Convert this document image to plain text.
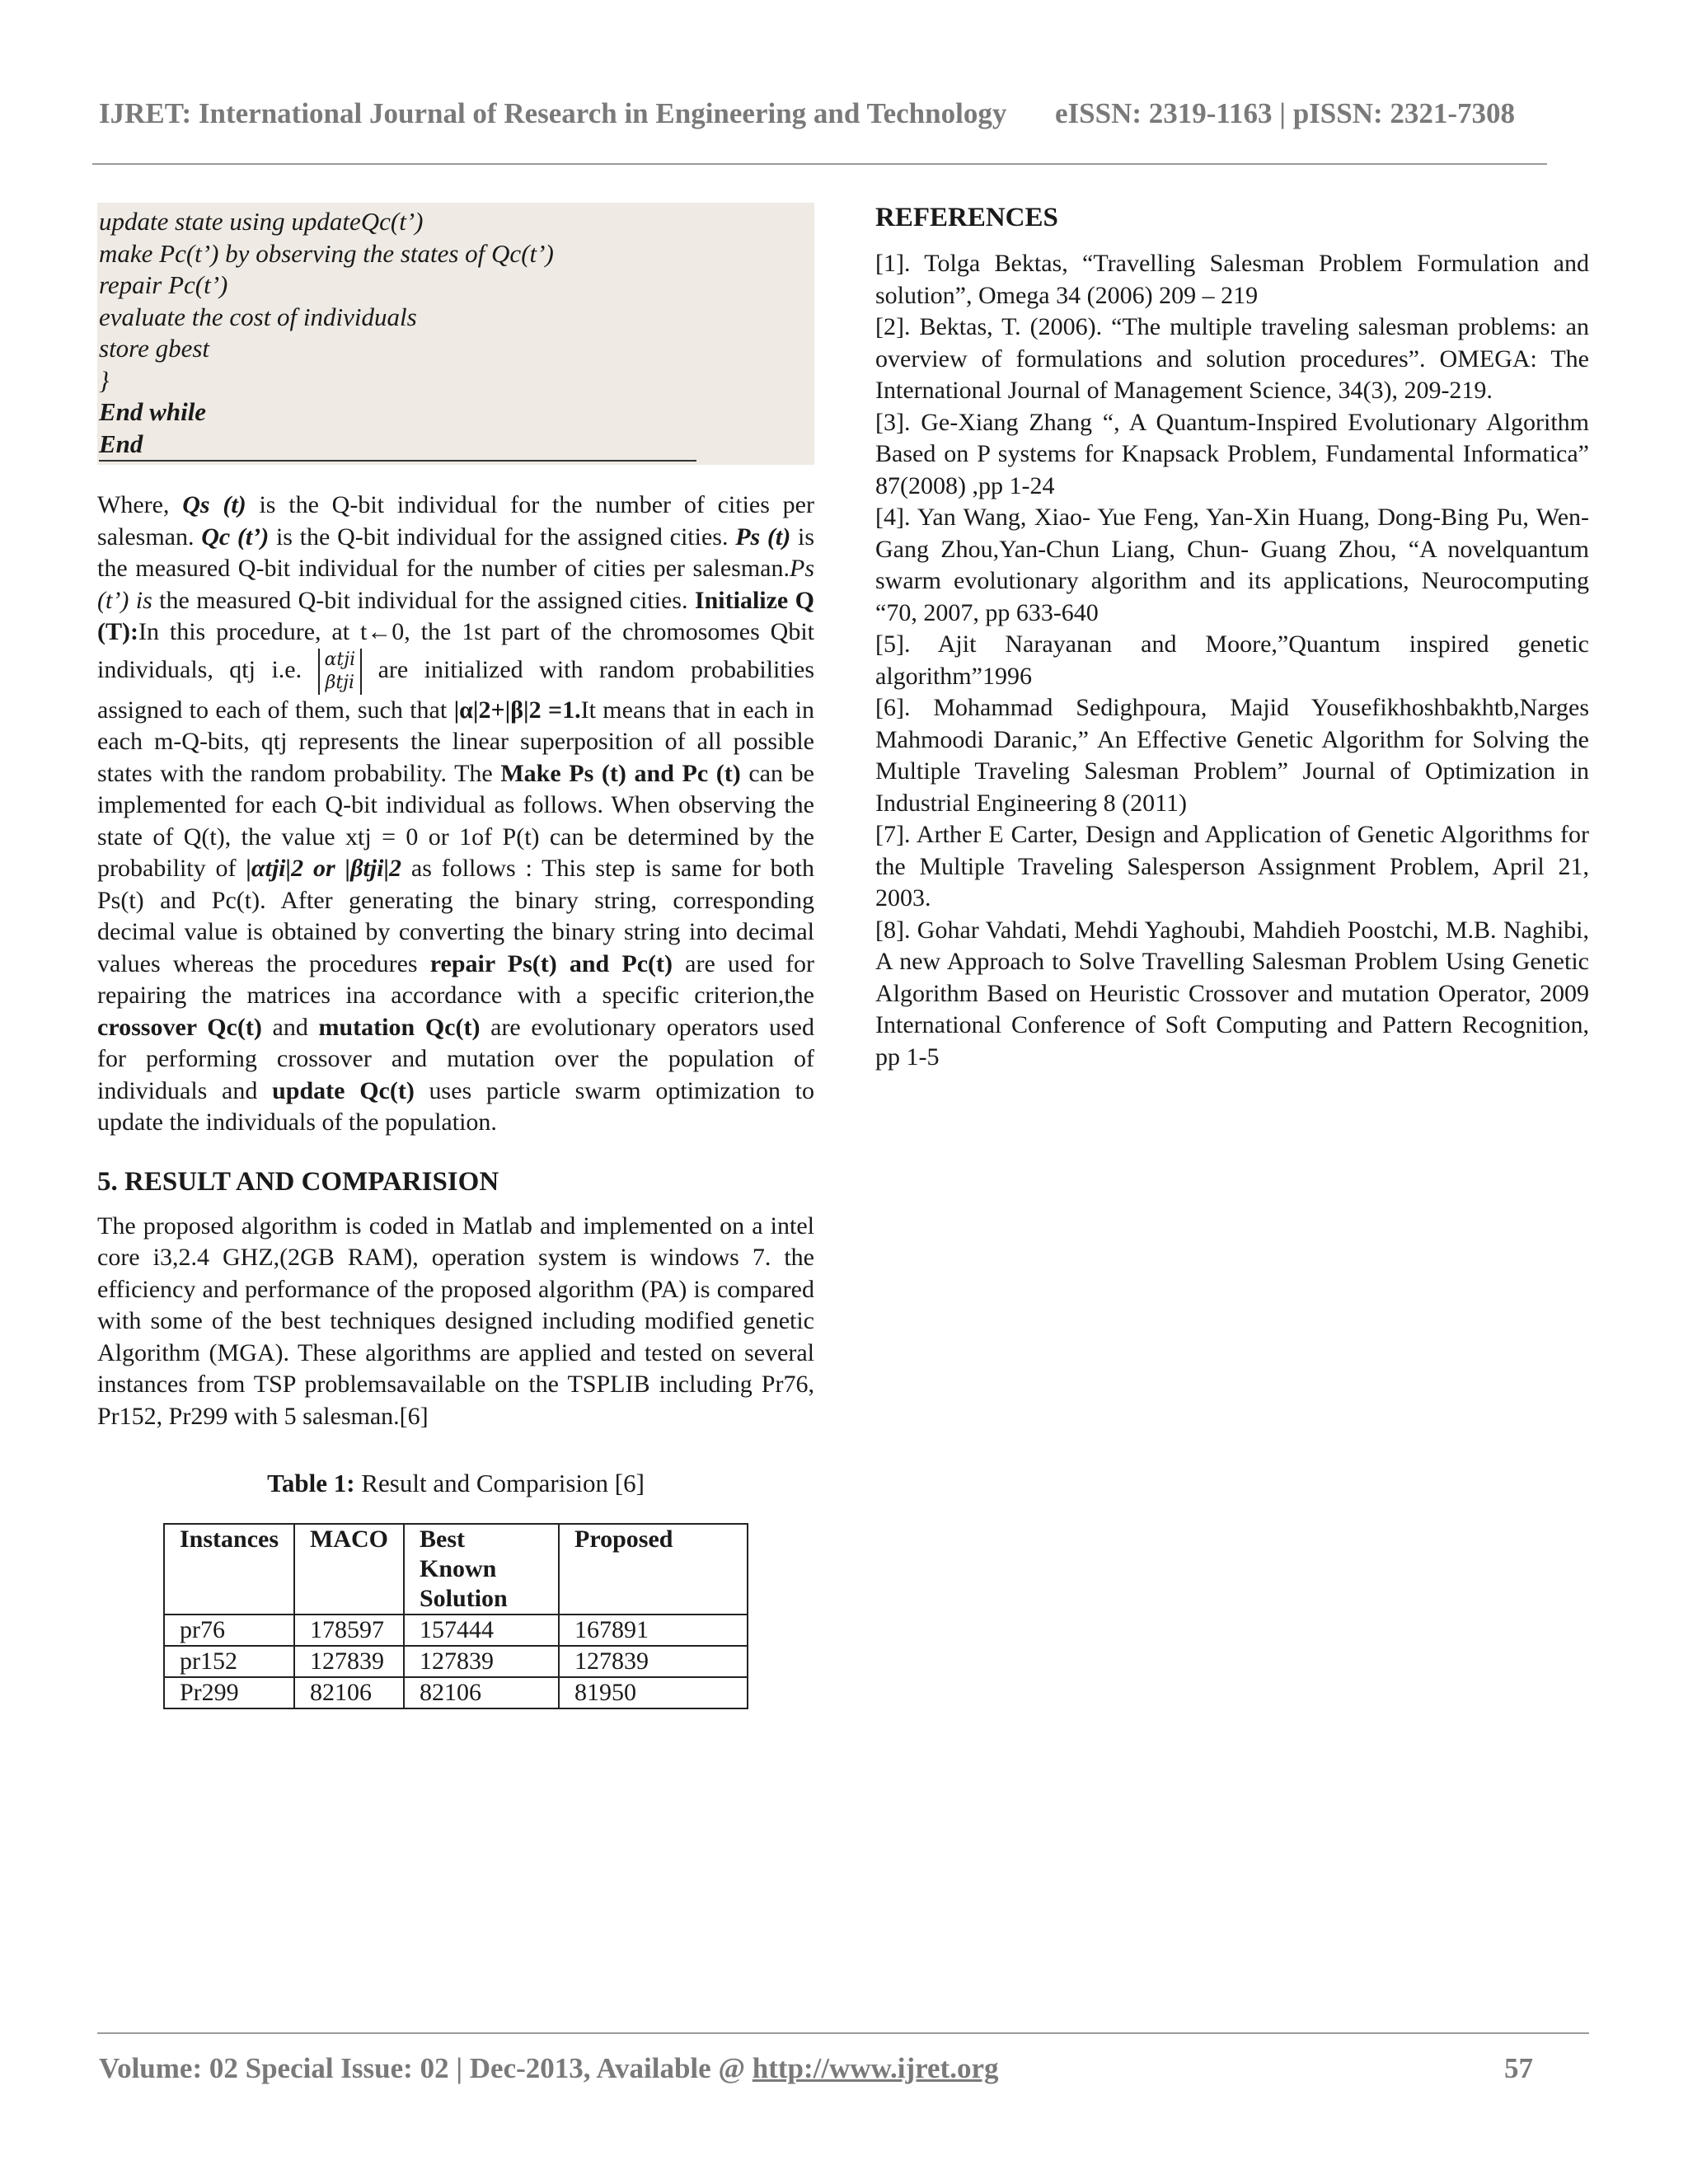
IJRET: International Journal of Research in Engineering and Technology eISSN: 2319-1163 | pISSN: 2321-7308
update state using updateQc(t’)
make Pc(t’) by observing the states of Qc(t’)
repair Pc(t’)
evaluate the cost of individuals
store gbest
}
End while
End

Where, Qs (t) is the Q-bit individual for the number of cities per salesman. Qc (t’) is the Q-bit individual for the assigned cities. Ps (t) is the measured Q-bit individual for the number of cities per salesman.Ps (t’) is the measured Q-bit individual for the assigned cities. Initialize Q (T):In this procedure, at t←0, the 1st part of the chromosomes Qbit individuals, qtj i.e. αtji
βtji are initialized with random probabilities assigned to each of them, such that |α|2+|β|2 =1.It means that in each in each m-Q-bits, qtj represents the linear superposition of all possible states with the random probability. The Make Ps (t) and Pc (t) can be implemented for each Q-bit individual as follows. When observing the state of Q(t), the value xtj = 0 or 1of P(t) can be determined by the probability of |αtji|2 or |βtji|2 as follows : This step is same for both Ps(t) and Pc(t). After generating the binary string, corresponding decimal value is obtained by converting the binary string into decimal values whereas the procedures repair Ps(t) and Pc(t) are used for repairing the matrices ina accordance with a specific criterion,the crossover Qc(t) and mutation Qc(t) are evolutionary operators used for performing crossover and mutation over the population of individuals and update Qc(t) uses particle swarm optimization to update the individuals of the population.

5. RESULT AND COMPARISION

The proposed algorithm is coded in Matlab and implemented on a intel core i3,2.4 GHZ,(2GB RAM), operation system is windows 7. the efficiency and performance of the proposed algorithm (PA) is compared with some of the best techniques designed including modified genetic Algorithm (MGA). These algorithms are applied and tested on several instances from TSP problemsavailable on the TSPLIB including Pr76, Pr152, Pr299 with 5 salesman.[6]

Table 1: Result and Comparision [6]

Instances	MACO	Best Known Solution	Proposed
pr76	178597	157444	167891
pr152	127839	127839	127839
Pr299	82106	82106	81950
REFERENCES
[1]. Tolga Bektas, “Travelling Salesman Problem Formulation and solution”, Omega 34 (2006) 209 – 219
[2]. Bektas, T. (2006). “The multiple traveling salesman problems: an overview of formulations and solution procedures”. OMEGA: The International Journal of Management Science, 34(3), 209-219.
[3]. Ge-Xiang Zhang “, A Quantum-Inspired Evolutionary Algorithm Based on P systems for Knapsack Problem, Fundamental Informatica” 87(2008) ,pp 1-24
[4]. Yan Wang, Xiao- Yue Feng, Yan-Xin Huang, Dong-Bing Pu, Wen-Gang Zhou,Yan-Chun Liang, Chun- Guang Zhou, “A novelquantum swarm evolutionary algorithm and its applications, Neurocomputing “70, 2007, pp 633-640
[5]. Ajit Narayanan and Moore,”Quantum inspired genetic algorithm”1996
[6]. Mohammad Sedighpoura, Majid Yousefikhoshbakhtb,Narges Mahmoodi Daranic,” An Effective Genetic Algorithm for Solving the Multiple Traveling Salesman Problem” Journal of Optimization in Industrial Engineering 8 (2011)
[7]. Arther E Carter, Design and Application of Genetic Algorithms for the Multiple Traveling Salesperson Assignment Problem, April 21, 2003.
[8]. Gohar Vahdati, Mehdi Yaghoubi, Mahdieh Poostchi, M.B. Naghibi, A new Approach to Solve Travelling Salesman Problem Using Genetic Algorithm Based on Heuristic Crossover and mutation Operator, 2009 International Conference of Soft Computing and Pattern Recognition, pp 1-5
Volume: 02 Special Issue: 02 | Dec-2013, Available @ http://www.ijret.org	57
